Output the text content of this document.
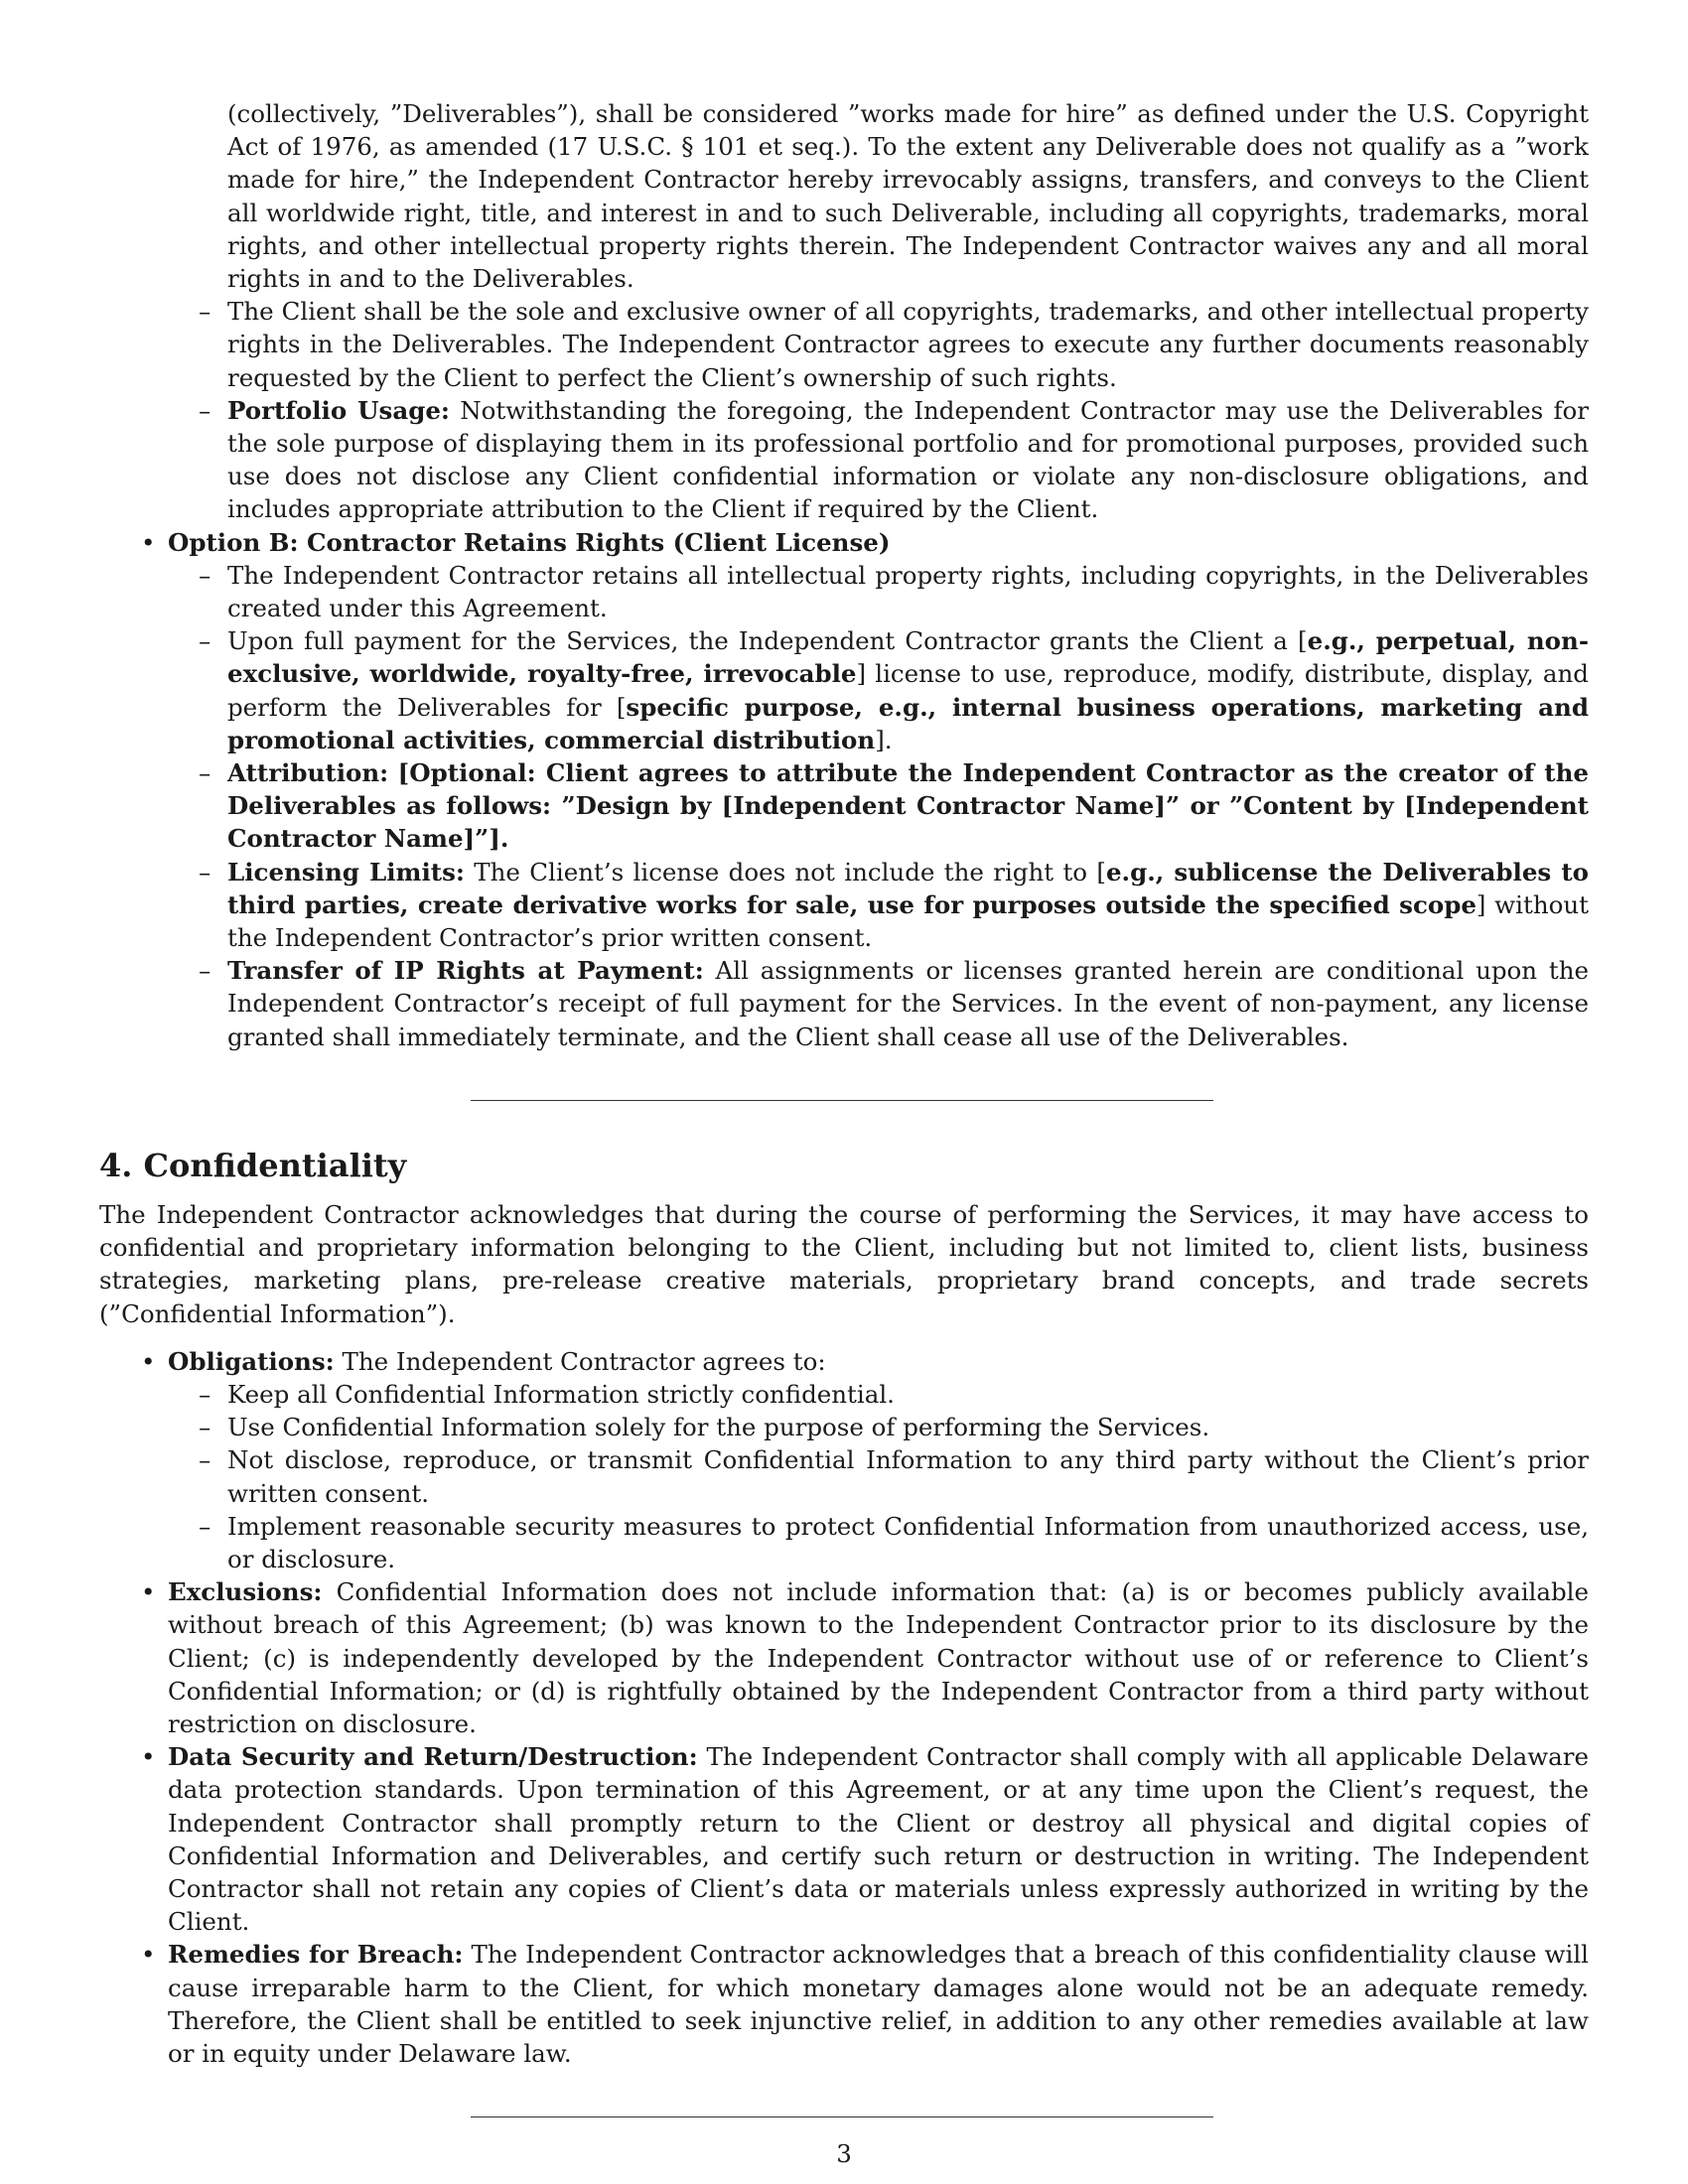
(collectively, ”Deliverables”), shall be considered ”works made for hire” as defined under the U.S. Copyright Act of 1976, as amended (17 U.S.C. § 101 et seq.). To the extent any Deliverable does not qualify as a ”work made for hire,” the Independent Contractor hereby irrevocably assigns, transfers, and conveys to the Client all worldwide right, title, and interest in and to such Deliverable, including all copyrights, trademarks, moral rights, and other intellectual property rights therein. The Independent Contractor waives any and all moral rights in and to the Deliverables.

– The Client shall be the sole and exclusive owner of all copyrights, trademarks, and other intellectual property rights in the Deliverables. The Independent Contractor agrees to execute any further documents reasonably requested by the Client to perfect the Client’s ownership of such rights.

– Portfolio Usage: Notwithstanding the foregoing, the Independent Contractor may use the Deliverables for the sole purpose of displaying them in its professional portfolio and for promotional purposes, provided such use does not disclose any Client confidential information or violate any non-disclosure obligations, and includes appropriate attribution to the Client if required by the Client.

• Option B: Contractor Retains Rights (Client License)

– The Independent Contractor retains all intellectual property rights, including copyrights, in the Deliverables created under this Agreement.

– Upon full payment for the Services, the Independent Contractor grants the Client a [e.g., perpetual, non-exclusive, worldwide, royalty-free, irrevocable] license to use, reproduce, modify, distribute, display, and perform the Deliverables for [specific purpose, e.g., internal business operations, marketing and promotional activities, commercial distribution].

– Attribution: [Optional: Client agrees to attribute the Independent Contractor as the creator of the Deliverables as follows: ”Design by [Independent Contractor Name]” or ”Content by [Independent Contractor Name]”].

– Licensing Limits: The Client’s license does not include the right to [e.g., sublicense the Deliverables to third parties, create derivative works for sale, use for purposes outside the specified scope] without the Independent Contractor’s prior written consent.

– Transfer of IP Rights at Payment: All assignments or licenses granted herein are conditional upon the Independent Contractor’s receipt of full payment for the Services. In the event of non-payment, any license granted shall immediately terminate, and the Client shall cease all use of the Deliverables.

4. Confidentiality

The Independent Contractor acknowledges that during the course of performing the Services, it may have access to confidential and proprietary information belonging to the Client, including but not limited to, client lists, business strategies, marketing plans, pre-release creative materials, proprietary brand concepts, and trade secrets (”Confidential Information”).

• Obligations: The Independent Contractor agrees to:

– Keep all Confidential Information strictly confidential.

– Use Confidential Information solely for the purpose of performing the Services.

– Not disclose, reproduce, or transmit Confidential Information to any third party without the Client’s prior written consent.

– Implement reasonable security measures to protect Confidential Information from unauthorized access, use, or disclosure.

• Exclusions: Confidential Information does not include information that: (a) is or becomes publicly available without breach of this Agreement; (b) was known to the Independent Contractor prior to its disclosure by the Client; (c) is independently developed by the Independent Contractor without use of or reference to Client’s Confidential Information; or (d) is rightfully obtained by the Independent Contractor from a third party without restriction on disclosure.

• Data Security and Return/Destruction: The Independent Contractor shall comply with all applicable Delaware data protection standards. Upon termination of this Agreement, or at any time upon the Client’s request, the Independent Contractor shall promptly return to the Client or destroy all physical and digital copies of Confidential Information and Deliverables, and certify such return or destruction in writing. The Independent Contractor shall not retain any copies of Client’s data or materials unless expressly authorized in writing by the Client.

• Remedies for Breach: The Independent Contractor acknowledges that a breach of this confidentiality clause will cause irreparable harm to the Client, for which monetary damages alone would not be an adequate remedy. Therefore, the Client shall be entitled to seek injunctive relief, in addition to any other remedies available at law or in equity under Delaware law.

3
